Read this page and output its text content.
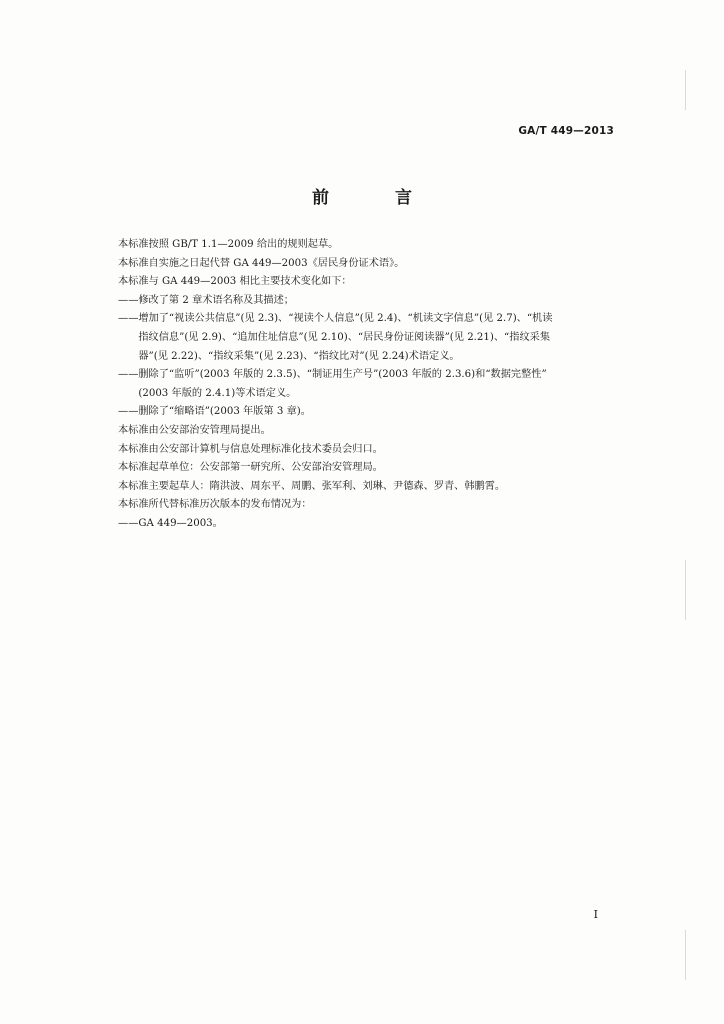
GA/T 449—2013
前 言
本标准按照 GB/T 1.1—2009 给出的规则起草。
本标准自实施之日起代替 GA 449—2003《居民身份证术语》。
本标准与 GA 449—2003 相比主要技术变化如下：
——修改了第 2 章术语名称及其描述；
—— 增加了“视读公共信息”(见 2.3)、“视读个人信息”(见 2.4)、“机读文字信息”(见 2.7)、“机读
指纹信息”(见 2.9)、“追加住址信息”(见 2.10)、“居民身份证阅读器”(见 2.21)、“指纹采集
器”(见 2.22)、“指纹采集”(见 2.23)、“指纹比对”(见 2.24)术语定义。
—— 删除了“监听”(2003 年版的 2.3.5)、“制证用生产号”(2003 年版的 2.3.6)和“数据完整性”
(2003 年版的 2.4.1)等术语定义。
——删除了“缩略语”(2003 年版第 3 章)。
本标准由公安部治安管理局提出。
本标准由公安部计算机与信息处理标准化技术委员会归口。
本标准起草单位：公安部第一研究所、公安部治安管理局。
本标准主要起草人：隋洪波、周东平、周鹏、张军利、刘琳、尹德森、罗青、韩鹏霄。
本标准所代替标准历次版本的发布情况为：
——GA 449—2003。
I
